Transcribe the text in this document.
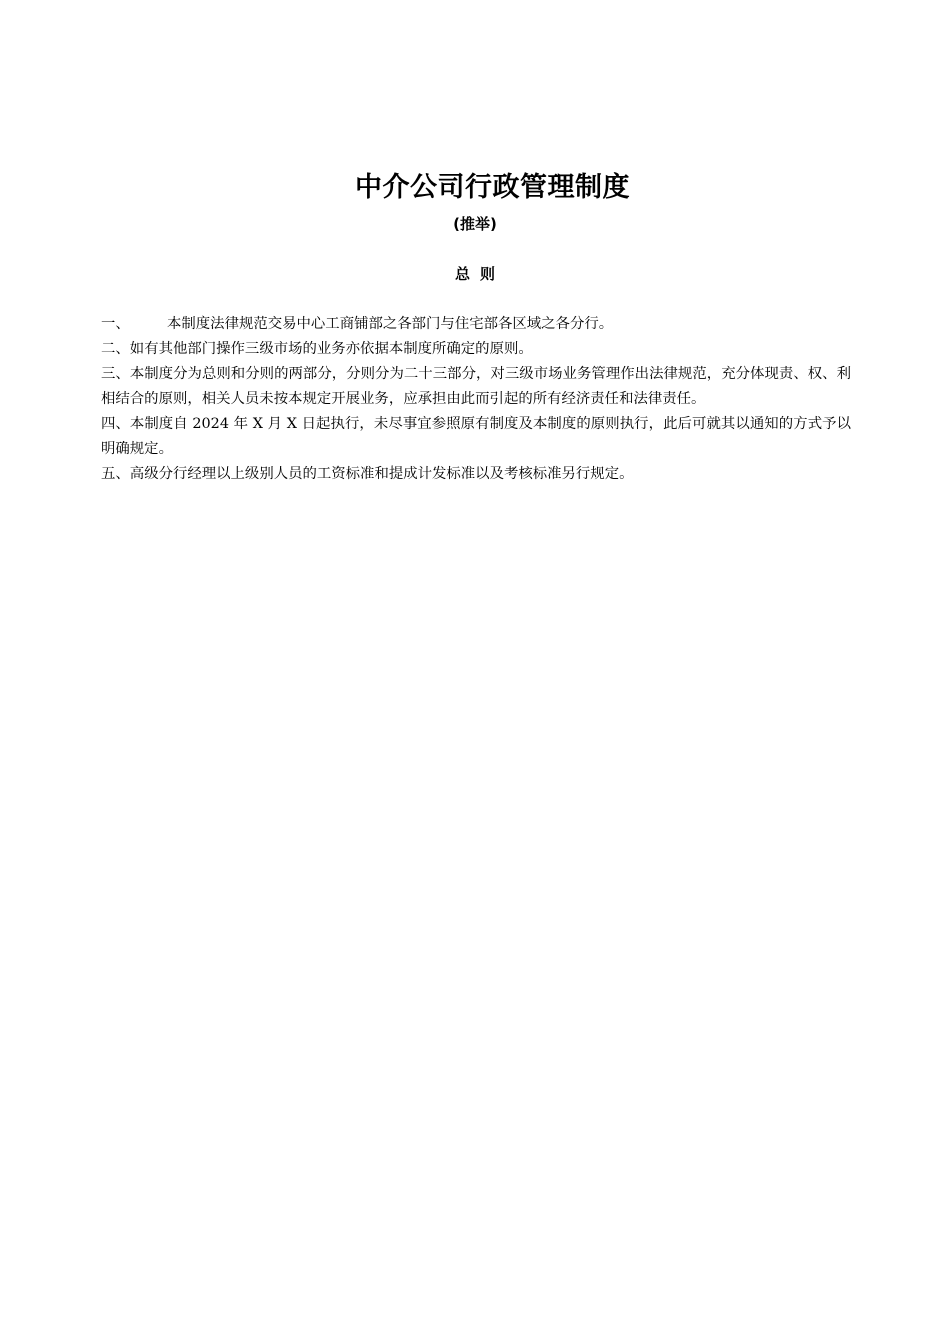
中介公司行政管理制度
(推举)
总则

一、	本制度法律规范交易中心工商铺部之各部门与住宅部各区域之各分行。

二、如有其他部门操作三级市场的业务亦依据本制度所确定的原则。

三、本制度分为总则和分则的两部分，分则分为二十三部分，对三级市场业务管理作出法律规范，充分体现责、权、利相结合的原则，相关人员未按本规定开展业务，应承担由此而引起的所有经济责任和法律责任。

四、本制度自 2024 年 X 月 X 日起执行，未尽事宜参照原有制度及本制度的原则执行，此后可就其以通知的方式予以明确规定。

五、高级分行经理以上级别人员的工资标准和提成计发标准以及考核标准另行规定。
